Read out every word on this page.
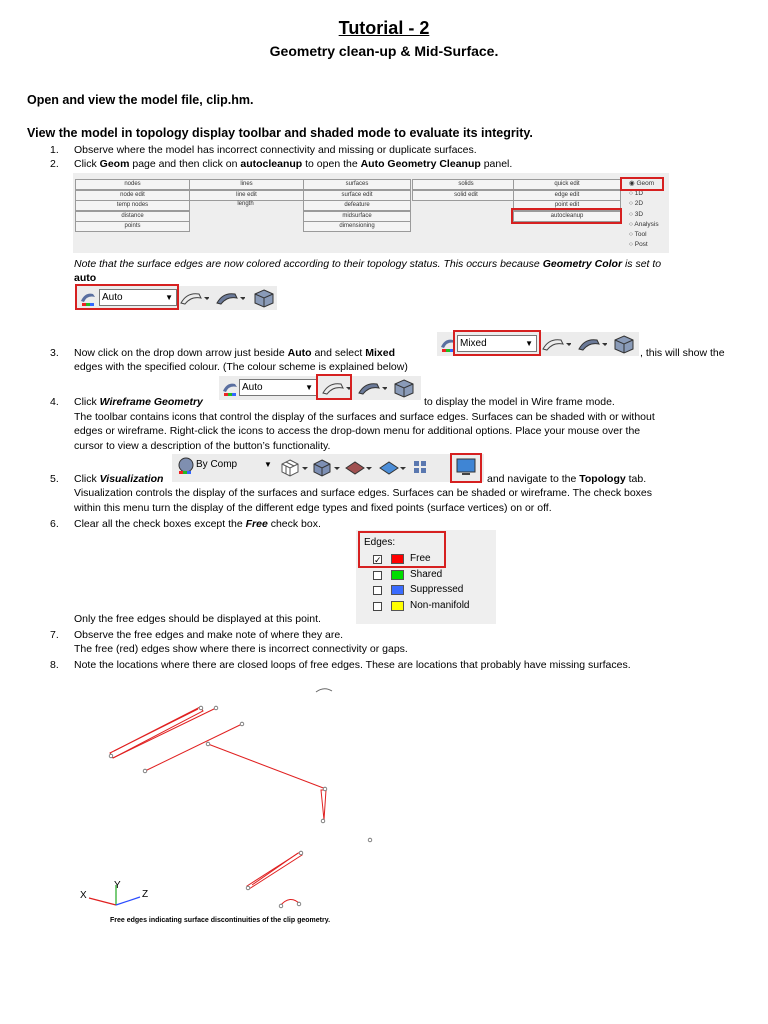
Tutorial - 2
Geometry clean-up & Mid-Surface.
Open and view the model file, clip.hm.
View the model in topology display toolbar and shaded mode to evaluate its integrity.
1. Observe where the model has incorrect connectivity and missing or duplicate surfaces.
2. Click Geom page and then click on autocleanup to open the Auto Geometry Cleanup panel.
nodes
node edit
temp nodes
distance
points
lines
line edit
length
surfaces
surface edit
defeature
midsurface
dimensioning
solids
solid edit
quick edit
edge edit
point edit
autocleanup
◉ Geom
○ 1D
○ 2D
○ 3D
○ Analysis
○ Tool
○ Post
Note that the surface edges are now colored according to their topology status. This occurs because Geometry Color is set to
auto
Auto	▼
3. Now click on the drop down arrow just beside Auto and select Mixed
Mixed	▼
, this will show the
edges with the specified colour. (The colour scheme is explained below)
4. Click Wireframe Geometry
Auto	▼
to display the model in Wire frame mode.
The toolbar contains icons that control the display of the surfaces and surface edges. Surfaces can be shaded with or without
edges or wireframe. Right-click the icons to access the drop-down menu for additional options. Place your mouse over the
cursor to view a description of the button’s functionality.
5. Click Visualization
By Comp	▼
and navigate to the Topology tab.
Visualization controls the display of the surfaces and surface edges. Surfaces can be shaded or wireframe. The check boxes
within this menu turn the display of the different edge types and fixed points (surface vertices) on or off.
6. Clear all the check boxes except the Free check box.
Edges:
✓	Free
Shared
Suppressed
Non-manifold
Only the free edges should be displayed at this point.
7. Observe the free edges and make note of where they are.
The free (red) edges show where there is incorrect connectivity or gaps.
8. Note the locations where there are closed loops of free edges. These are locations that probably have missing surfaces.
X
Y
Z
Free edges indicating surface discontinuities of the clip geometry.
